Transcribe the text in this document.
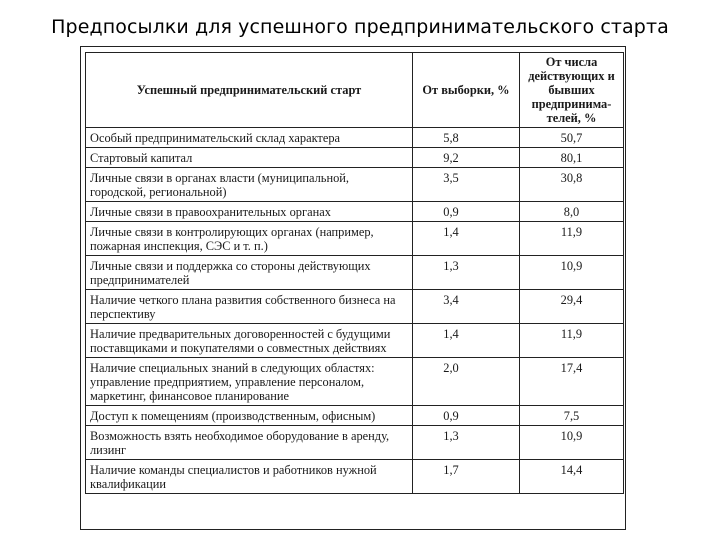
Предпосылки для успешного предпринимательского старта
Успешный предпринимательский старт	От выборки, %	От числа действующих и бывших предпринима-телей, %
Особый предпринимательский склад характера	5,8	50,7
Стартовый капитал	9,2	80,1
Личные связи в органах власти (муниципальной, городской, региональной)	3,5	30,8
Личные связи в правоохранительных органах	0,9	8,0
Личные связи в контролирующих органах (например, пожарная инспекция, СЭС и т. п.)	1,4	11,9
Личные связи и поддержка со стороны действующих предпринимателей	1,3	10,9
Наличие четкого плана развития собственного бизнеса на перспективу	3,4	29,4
Наличие предварительных договоренностей с будущими поставщиками и покупателями о совместных действиях	1,4	11,9
Наличие специальных знаний в следующих областях: управление предприятием, управление персоналом, маркетинг, финансовое планирование	2,0	17,4
Доступ к помещениям (производственным, офисным)	0,9	7,5
Возможность взять необходимое оборудование в аренду, лизинг	1,3	10,9
Наличие команды специалистов и работников нужной квалификации	1,7	14,4
